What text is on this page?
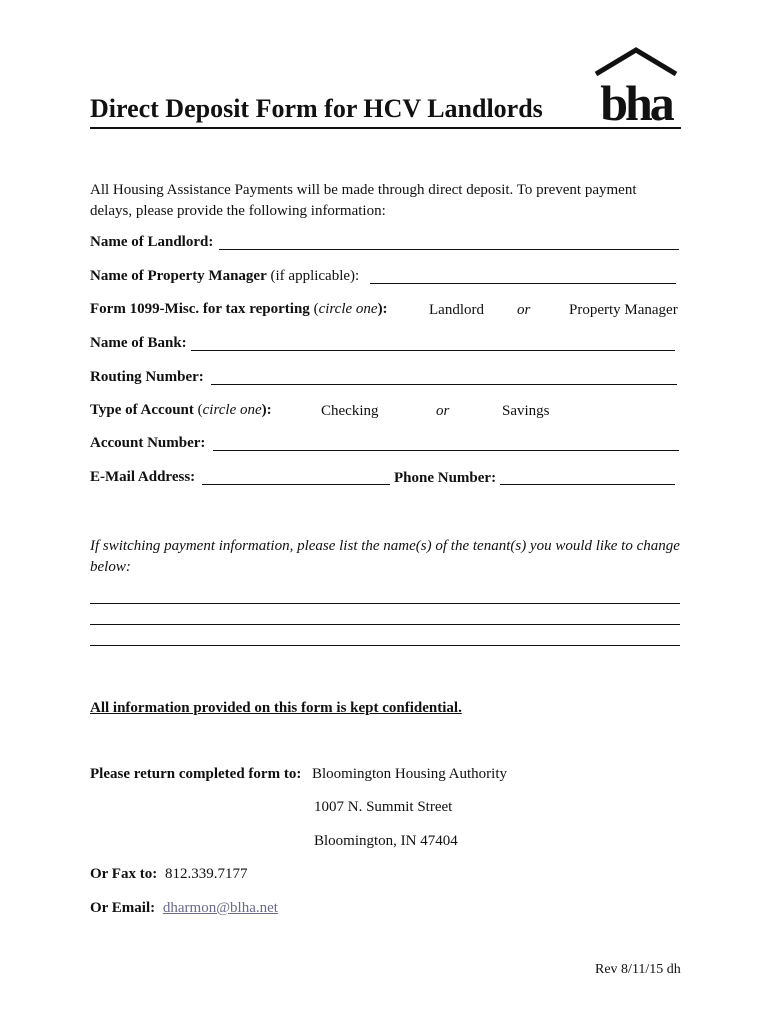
Direct Deposit Form for HCV Landlords bha
All Housing Assistance Payments will be made through direct deposit. To prevent payment delays, please provide the following information:
Name of Landlord:
Name of Property Manager (if applicable):
Form 1099-Misc. for tax reporting (circle one):	Landlord or	Property Manager
Name of Bank:
Routing Number:
Type of Account (circle one):	Checking	or	Savings
Account Number:
E-Mail Address:	Phone Number:
If switching payment information, please list the name(s) of the tenant(s) you would like to change below:
All information provided on this form is kept confidential.
Please return completed form to: Bloomington Housing Authority
1007 N. Summit Street
Bloomington, IN 47404
Or Fax to: 812.339.7177
Or Email: dharmon@blha.net
Rev 8/11/15 dh
